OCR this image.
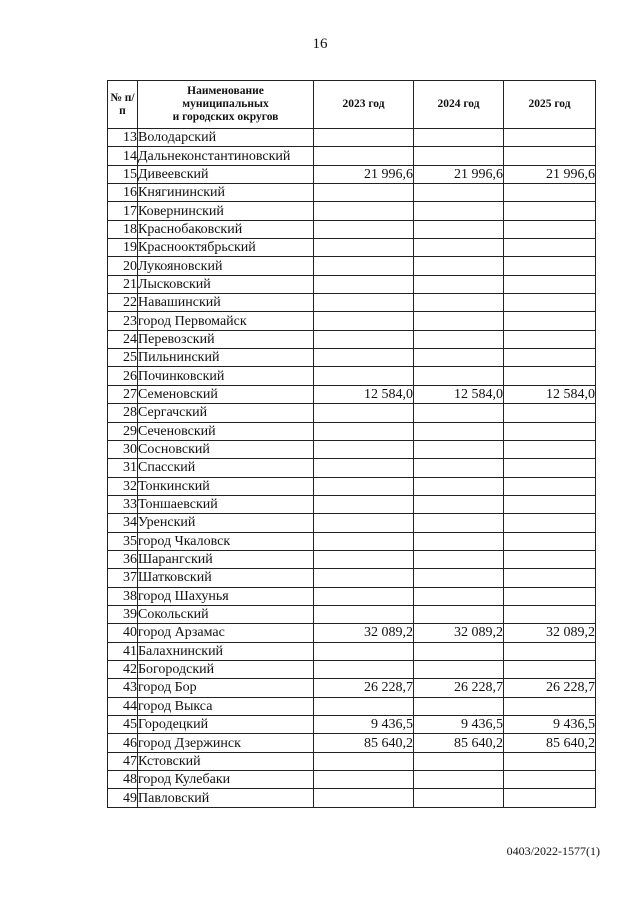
16
№ п/п	Наименование
муниципальных
и городских округов	2023 год	2024 год	2025 год
13	Володарский			
14	Дальнеконстантиновский			
15	Дивеевский	21 996,6	21 996,6	21 996,6
16	Княгининский			
17	Ковернинский			
18	Краснобаковский			
19	Краснооктябрьский			
20	Лукояновский			
21	Лысковский			
22	Навашинский			
23	город Первомайск			
24	Перевозский			
25	Пильнинский			
26	Починковский			
27	Семеновский	12 584,0	12 584,0	12 584,0
28	Сергачский			
29	Сеченовский			
30	Сосновский			
31	Спасский			
32	Тонкинский			
33	Тоншаевский			
34	Уренский			
35	город Чкаловск			
36	Шарангский			
37	Шатковский			
38	город Шахунья			
39	Сокольский			
40	город Арзамас	32 089,2	32 089,2	32 089,2
41	Балахнинский			
42	Богородский			
43	город Бор	26 228,7	26 228,7	26 228,7
44	город Выкса			
45	Городецкий	9 436,5	9 436,5	9 436,5
46	город Дзержинск	85 640,2	85 640,2	85 640,2
47	Кстовский			
48	город Кулебаки			
49	Павловский			
0403/2022-1577(1)
